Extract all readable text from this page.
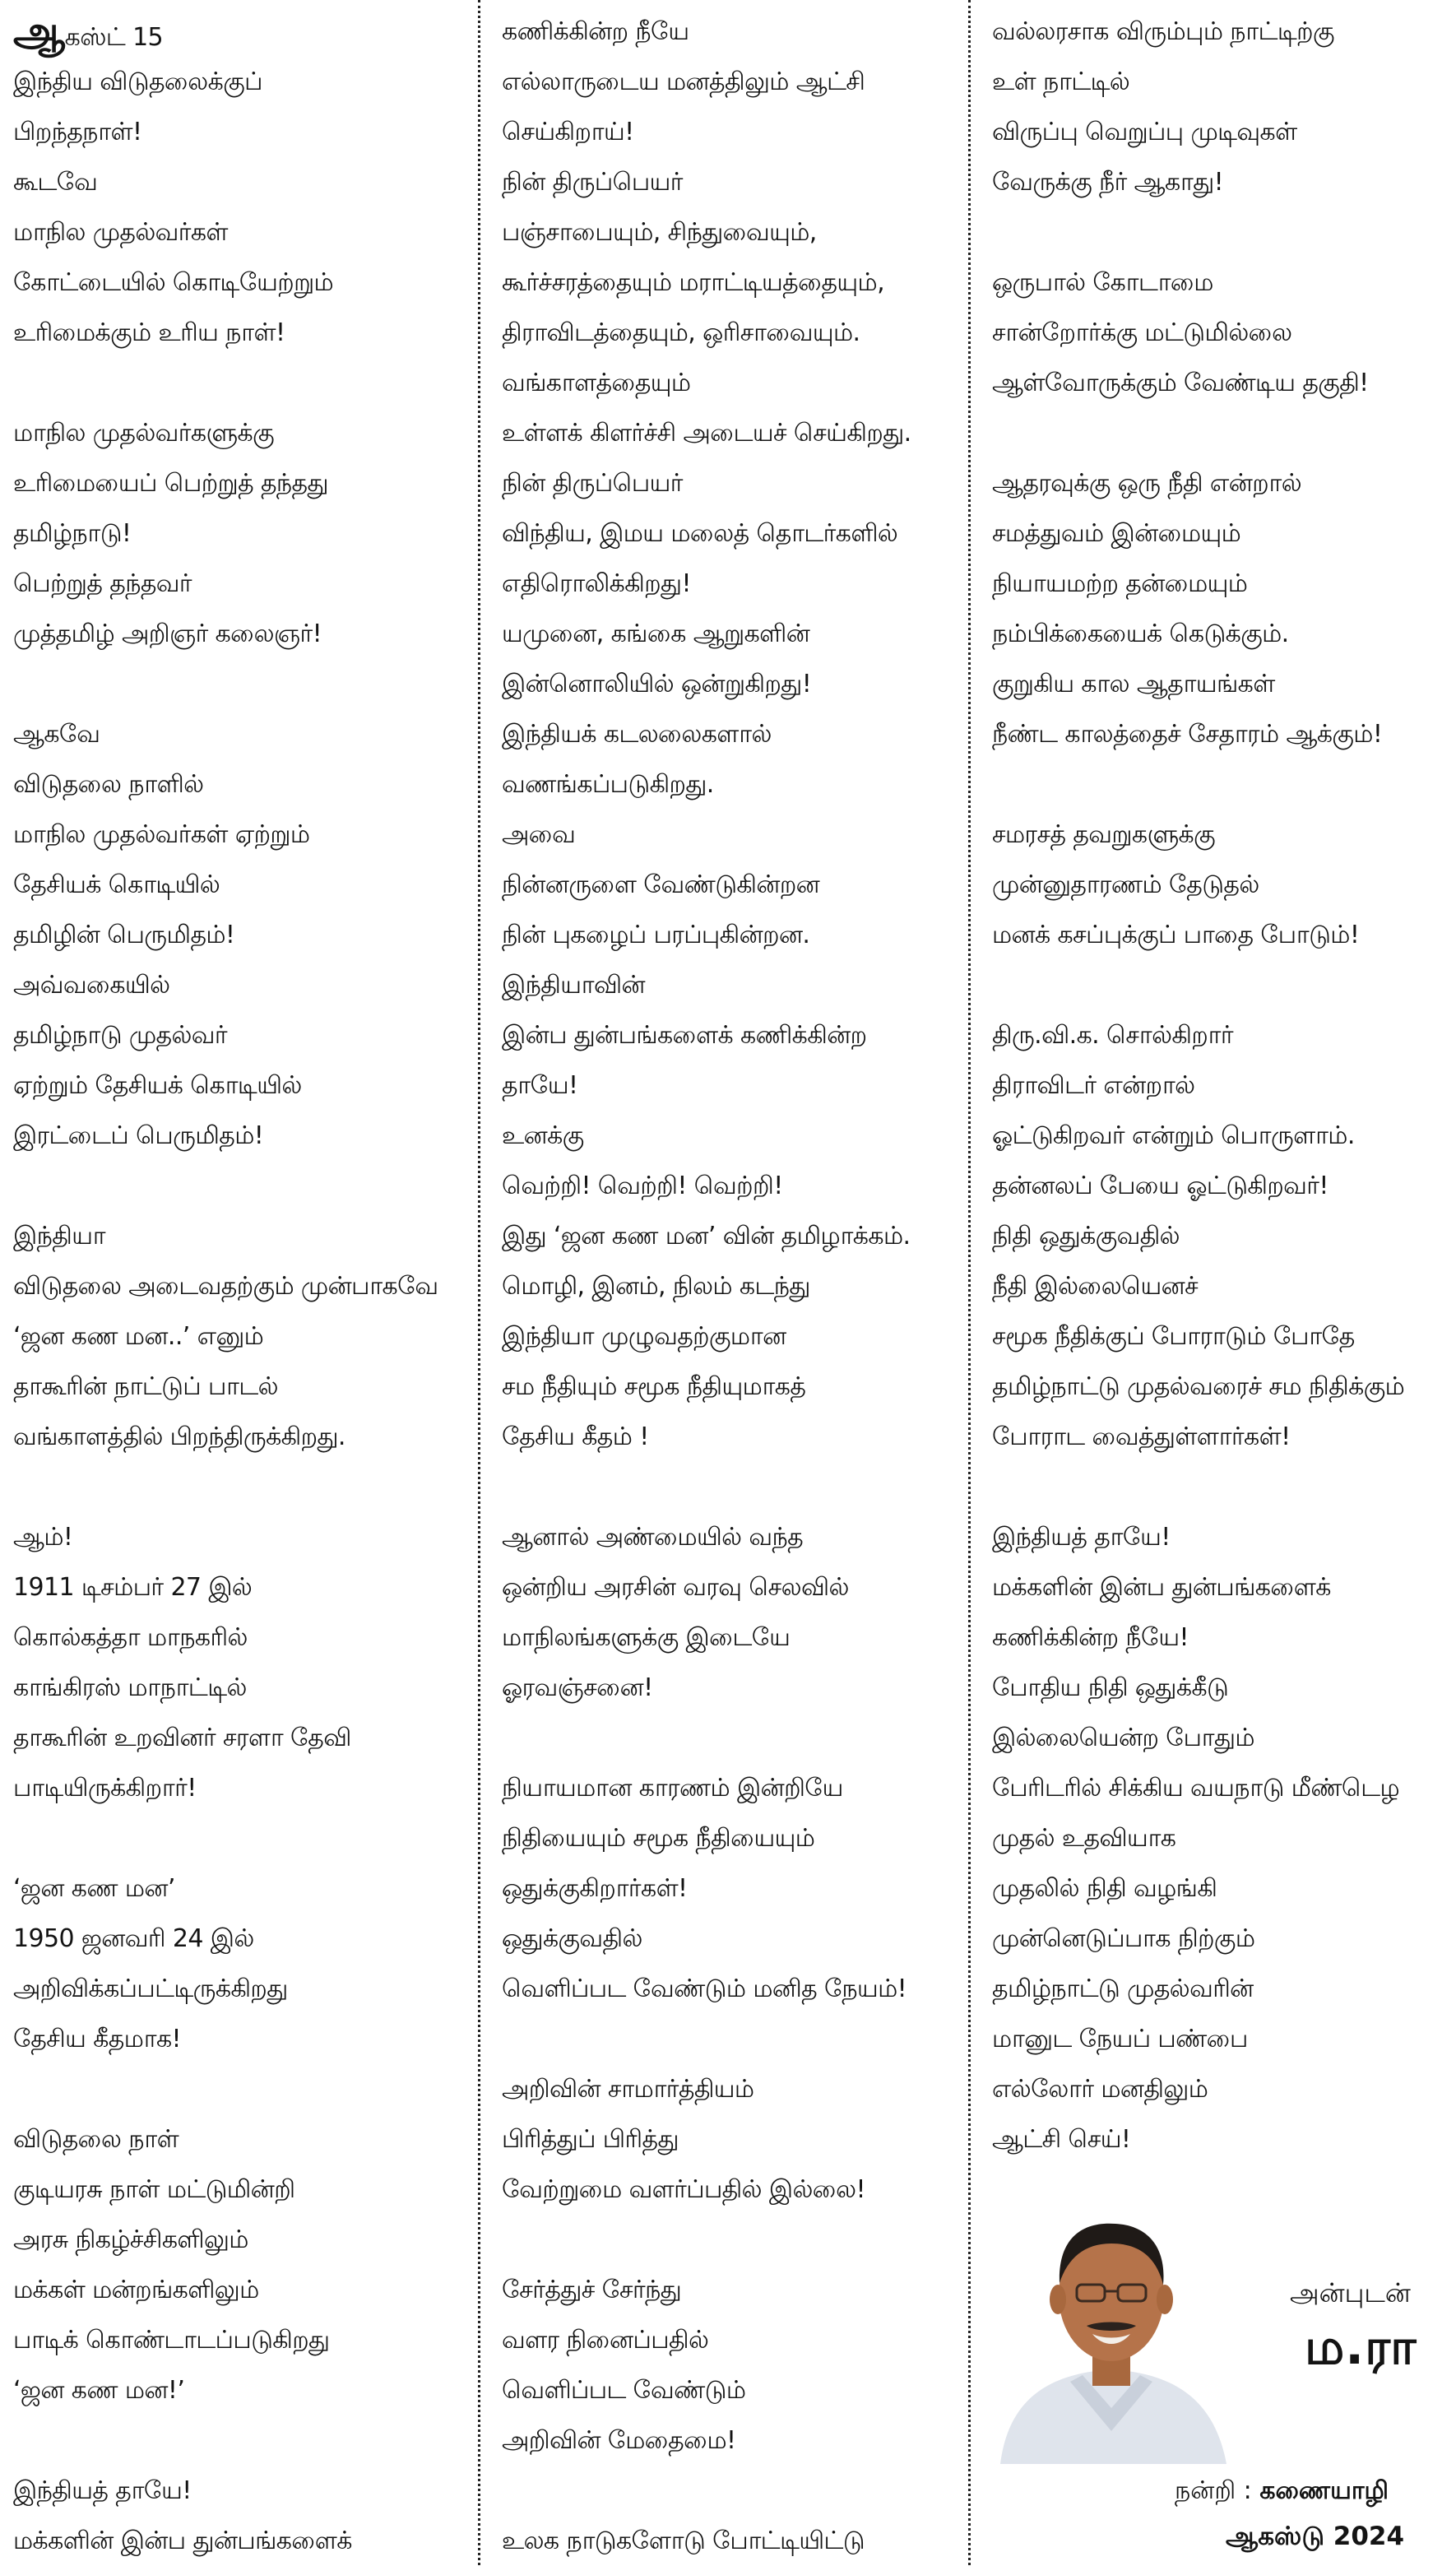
ஆகஸ்ட் 15
இந்திய விடுதலைக்குப்
பிறந்தநாள்!
கூடவே
மாநில முதல்வர்கள்
கோட்டையில் கொடியேற்றும்
உரிமைக்கும் உரிய நாள்!
மாநில முதல்வர்களுக்கு
உரிமையைப் பெற்றுத் தந்தது
தமிழ்நாடு!
பெற்றுத் தந்தவர்
முத்தமிழ் அறிஞர் கலைஞர்!
ஆகவே
விடுதலை நாளில்
மாநில முதல்வர்கள் ஏற்றும்
தேசியக் கொடியில்
தமிழின் பெருமிதம்!
அவ்வகையில்
தமிழ்நாடு முதல்வர்
ஏற்றும் தேசியக் கொடியில்
இரட்டைப் பெருமிதம்!
இந்தியா
விடுதலை அடைவதற்கும் முன்பாகவே
‘ஜன கண மன..’ எனும்
தாகூரின் நாட்டுப் பாடல்
வங்காளத்தில் பிறந்திருக்கிறது.
ஆம்!
1911 டிசம்பர் 27 இல்
கொல்கத்தா மாநகரில்
காங்கிரஸ் மாநாட்டில்
தாகூரின் உறவினர் சரளா தேவி
பாடியிருக்கிறார்!
‘ஜன கண மன’
1950 ஜனவரி 24 இல்
அறிவிக்கப்பட்டிருக்கிறது
தேசிய கீதமாக!
விடுதலை நாள்
குடியரசு நாள் மட்டுமின்றி
அரசு நிகழ்ச்சிகளிலும்
மக்கள் மன்றங்களிலும்
பாடிக் கொண்டாடப்படுகிறது
‘ஜன கண மன!’
இந்தியத் தாயே!
மக்களின் இன்ப துன்பங்களைக்
கணிக்கின்ற நீயே
எல்லாருடைய மனத்திலும் ஆட்சி
செய்கிறாய்!
நின் திருப்பெயர்
பஞ்சாபையும், சிந்துவையும்,
கூர்ச்சரத்தையும் மராட்டியத்தையும்,
திராவிடத்தையும், ஒரிசாவையும்.
வங்காளத்தையும்
உள்ளக் கிளர்ச்சி அடையச் செய்கிறது.
நின் திருப்பெயர்
விந்திய, இமய மலைத் தொடர்களில்
எதிரொலிக்கிறது!
யமுனை, கங்கை ஆறுகளின்
இன்னொலியில் ஒன்றுகிறது!
இந்தியக் கடலலைகளால்
வணங்கப்படுகிறது.
அவை
நின்னருளை வேண்டுகின்றன
நின் புகழைப் பரப்புகின்றன.
இந்தியாவின்
இன்ப துன்பங்களைக் கணிக்கின்ற
தாயே!
உனக்கு
வெற்றி! வெற்றி! வெற்றி!
இது ‘ஜன கண மன’ வின் தமிழாக்கம்.
மொழி, இனம், நிலம் கடந்து
இந்தியா முழுவதற்குமான
சம நீதியும் சமூக நீதியுமாகத்
தேசிய கீதம் !
ஆனால் அண்மையில் வந்த
ஒன்றிய அரசின் வரவு செலவில்
மாநிலங்களுக்கு இடையே
ஓரவஞ்சனை!
நியாயமான காரணம் இன்றியே
நிதியையும் சமூக நீதியையும்
ஒதுக்குகிறார்கள்!
ஒதுக்குவதில்
வெளிப்பட வேண்டும் மனித நேயம்!
அறிவின் சாமார்த்தியம்
பிரித்துப் பிரித்து
வேற்றுமை வளர்ப்பதில் இல்லை!
சேர்த்துச் சேர்ந்து
வளர நினைப்பதில்
வெளிப்பட வேண்டும்
அறிவின் மேதைமை!
உலக நாடுகளோடு போட்டியிட்டு
வல்லரசாக விரும்பும் நாட்டிற்கு
உள் நாட்டில்
விருப்பு வெறுப்பு முடிவுகள்
வேருக்கு நீர் ஆகாது!
ஒருபால் கோடாமை
சான்றோர்க்கு மட்டுமில்லை
ஆள்வோருக்கும் வேண்டிய தகுதி!
ஆதரவுக்கு ஒரு நீதி என்றால்
சமத்துவம் இன்மையும்
நியாயமற்ற தன்மையும்
நம்பிக்கையைக் கெடுக்கும்.
குறுகிய கால ஆதாயங்கள்
நீண்ட காலத்தைச் சேதாரம் ஆக்கும்!
சமரசத் தவறுகளுக்கு
முன்னுதாரணம் தேடுதல்
மனக் கசப்புக்குப் பாதை போடும்!
திரு.வி.க. சொல்கிறார்
திராவிடர் என்றால்
ஓட்டுகிறவர் என்றும் பொருளாம்.
தன்னலப் பேயை ஓட்டுகிறவர்!
நிதி ஒதுக்குவதில்
நீதி இல்லையெனச்
சமூக நீதிக்குப் போராடும் போதே
தமிழ்நாட்டு முதல்வரைச் சம நிதிக்கும்
போராட வைத்துள்ளார்கள்!
இந்தியத் தாயே!
மக்களின் இன்ப துன்பங்களைக்
கணிக்கின்ற நீயே!
போதிய நிதி ஒதுக்கீடு
இல்லையென்ற போதும்
பேரிடரில் சிக்கிய வயநாடு மீண்டெழ
முதல் உதவியாக
முதலில் நிதி வழங்கி
முன்னெடுப்பாக நிற்கும்
தமிழ்நாட்டு முதல்வரின்
மானுட நேயப் பண்பை
எல்லோர் மனதிலும்
ஆட்சி செய்!
அன்புடன்
ம.ரா
நன்றி : கணையாழி
ஆகஸ்டு 2024
